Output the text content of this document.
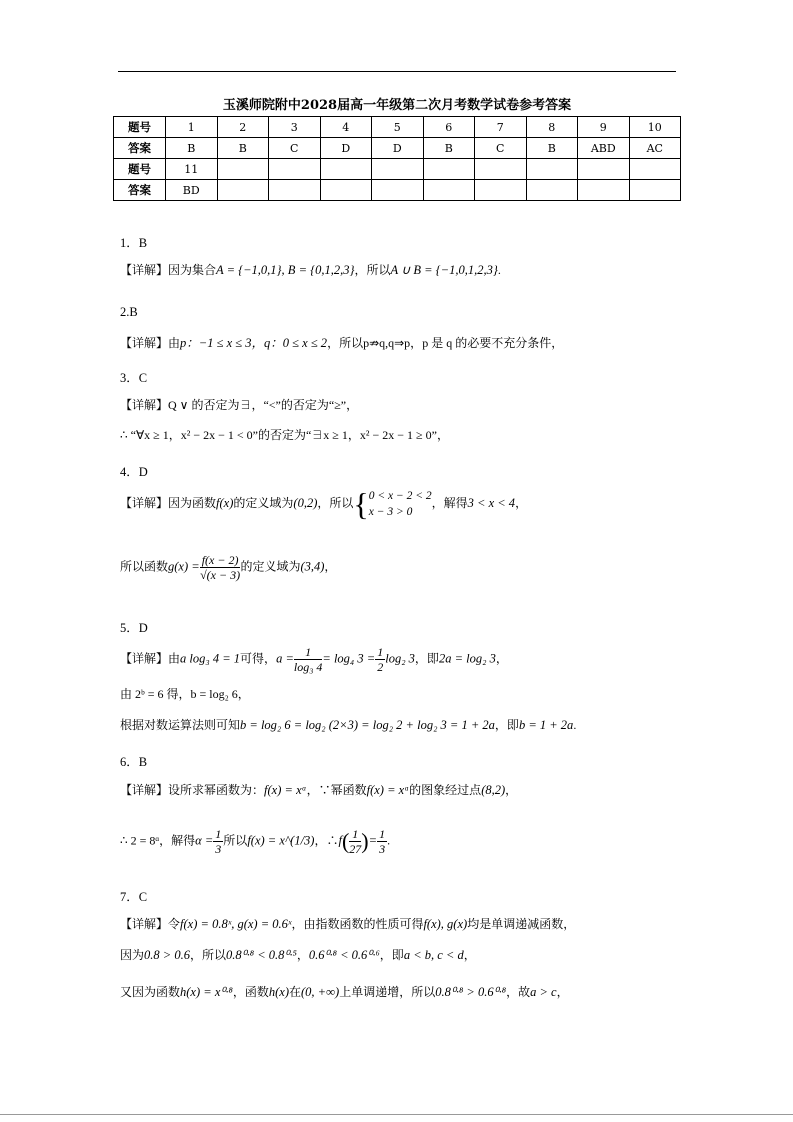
玉溪师院附中2028届高一年级第二次月考数学试卷参考答案
题号	1	2	3	4	5	6	7	8	9	10
答案	B	B	C	D	D	B	C	B	ABD	AC
题号	11									
答案	BD									
1．B
【详解】因为集合A = {−1,0,1}, B = {0,1,2,3}，所以A ∪ B = {−1,0,1,2,3}.
2.B
【详解】由p：−1 ≤ x ≤ 3，q：0 ≤ x ≤ 2，所以p⇏q,q⇒p，p 是 q 的必要不充分条件，
3．C
【详解】Q ∨ 的否定为∃，“<”的否定为“≥”，
∴ “∀x ≥ 1，x² − 2x − 1 < 0”的否定为“∃x ≥ 1，x² − 2x − 1 ≥ 0”，
4．D
【详解】因为函数f(x)的定义域为(0,2)，所以{ 0 < x − 2 < 2
x − 3 > 0
，解得3 < x < 4，
所以函数$g(x) = \frac{f(x - 2)}{√(x - 3)}$ 的定义域为(3,4)，
5．D
【详解】由a log₃ 4 = 1可得，$a = \frac{1}{\text{log₃ 4}} = \log_4$ $3 = \frac{1}{2} \log_2$ 3，即2a = log₂ 3，
由 2ᵇ = 6 得，b = log₂ 6，
根据对数运算法则可知b = log₂ 6 = log₂ (2×3) = log₂ 2 + log₂ 3 = 1 + 2a，即b = 1 + 2a.
6．B
【详解】设所求幂函数为：f(x) = xᵅ，∵幂函数f(x) = xᵅ的图象经过点(8,2)，
∴ 2 = 8ᵅ，解得$\alpha = \frac{1}{3}$ 所以f(x) = x^(1/3)，∴f( $\frac{1}{27}$ )= $\frac{1}{3}$ .
7．C
【详解】令f(x) = 0.8ˣ, g(x) = 0.6ˣ，由指数函数的性质可得f(x), g(x)均是单调递减函数，
因为0.8 > 0.6，所以0.8⁰·⁸ < 0.8⁰·⁵，0.6⁰·⁸ < 0.6⁰·⁶，即a < b, c < d，
又因为函数h(x) = x⁰·⁸，函数h(x)在(0, +∞)上单调递增，所以0.8⁰·⁸ > 0.6⁰·⁸，故a > c，
